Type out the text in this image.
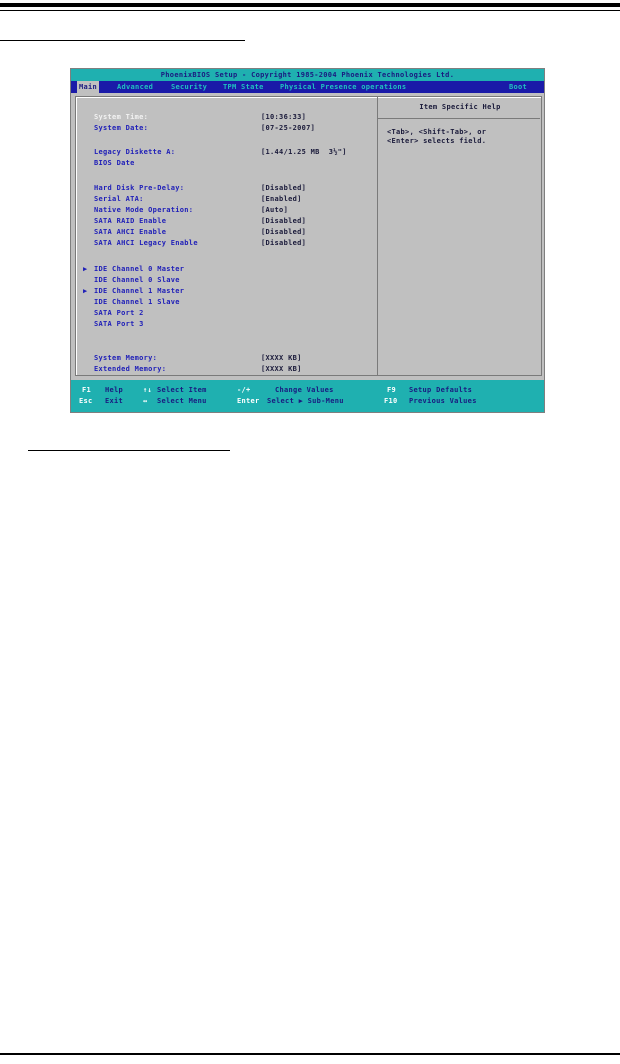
PhoenixBIOS Setup - Copyright 1985-2004 Phoenix Technologies Ltd.
Main	Advanced	Security TPM State Physical Presence operations	Boot
Item Specific Help
<Tab>, <Shift-Tab>, or
<Enter> selects field.
System Time:	[10:36:33]
System Date:	[07-25-2007]
Legacy Diskette A:	[1.44/1.25 MB  3½"]
BIOS Date
Hard Disk Pre-Delay:	[Disabled]
Serial ATA:	[Enabled]
Native Mode Operation:	[Auto]
SATA RAID Enable	[Disabled]
SATA AHCI Enable	[Disabled]
SATA AHCI Legacy Enable	[Disabled]
▶ IDE Channel 0 Master
IDE Channel 0 Slave
▶ IDE Channel 1 Master
IDE Channel 1 Slave
SATA Port 2
SATA Port 3
System Memory:	[XXXX KB]
Extended Memory:	[XXXX KB]
F1 Help	↑↓ Select Item	-/+	Change Values	F9 Setup Defaults
Esc Exit	↔ Select Menu	Enter Select ▶ Sub-Menu	F10 Previous Values
